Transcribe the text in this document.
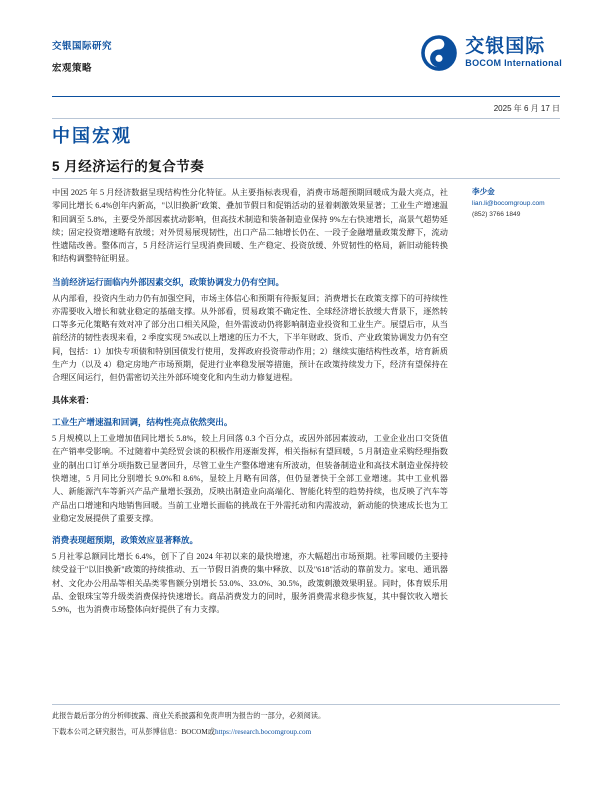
交银国际研究
宏观策略
交银国际
BOCOM International
2025 年 6 月 17 日
中国宏观
5 月经济运行的复合节奏

中国 2025 年 5 月经济数据呈现结构性分化特征。从主要指标表现看，消费市场超预期回暖成为最大亮点，社零同比增长 6.4%创年内新高，"以旧换新"政策、叠加节假日和促销活动的显着刺激效果显著；工业生产增速温和回调至 5.8%，主要受外部因素扰动影响，但高技术制造和装备制造业保持 9%左右快速增长，高景气超势延续；固定投资增速略有放缓；对外贸易展现韧性，出口产品二轴增长仍在、一段子金融增量政策发酵下，流动性遗陆改善。整体而言，5 月经济运行呈现消费回暖、生产稳定、投资放缓、外贸韧性的格局，新旧动能转换和结构调整特征明显。

当前经济运行面临内外部因素交织，政策协调发力仍有空间。
从内部看，投资内生动力仍有加强空间，市场主体信心和预期有待振复回；消费增长在政策支撑下的可持续性亦需要收入增长和就业稳定的基础支撑。从外部看，贸易政策不确定性、全球经济增长放缓大背景下，逐然转口等多元化策略有效对冲了部分出口相关风险，但外需波动仍将影响制造业投资和工业生产。展望后市，从当前经济的韧性表现来看，2 季度实现 5%或以上增速的压力不大，下半年财政、货币、产业政策协调发力仍有空间，包括：1）加快专项债和特别国债发行使用，发挥政府投资带动作用；2）继续实施结构性改革，培育新质生产力（以及 4）稳定房地产市场预期，促进行业率稳发展等措施，预计在政策持续发力下，经济有望保持在合理区间运行，但仍需密切关注外部环境变化和内生动力修复进程。
具体来看：
工业生产增速温和回调，结构性亮点依然突出。
5 月规模以上工业增加值同比增长 5.8%，较上月回落 0.3 个百分点，或因外部因素波动，工业企业出口交货值在产销率受影响。不过随着中美经贸会谈的积极作用逐渐发挥，相关指标有望回暖，5 月制造业采购经理指数业的制出口订单分项指数已显著回升，尽管工业生产整体增速有所波动，但装备制造业和高技术制造业保持较快增速，5 月同比分别增长 9.0%和 8.6%，显较上月略有回落，但仍显著快于全部工业增速。其中工业机器人、新能源汽车等新兴产品产量增长强劲，反映出制造业向高端化、智能化转型的趋势持续，也反映了汽车等产品出口增速和内地销售回暖。当前工业增长面临的挑战在于外需托动和内需波动，新动能的快速成长也为工业稳定发展提供了重要支撑。
消费表现超预期，政策效应显著释放。
5 月社零总额同比增长 6.4%，创下了自 2024 年初以来的最快增速，亦大幅超出市场预期。社零回暖仍主要持续受益于"以旧换新"政策的持续推动、五一节假日消费的集中释放、以及"618"活动的靠前发力。家电、通讯器材、文化办公用品等相关品类零售额分别增长 53.0%、33.0%、30.5%，政策刺激效果明显。同时，体育娱乐用品、金银珠宝等升级类消费保持快速增长。商品消费发力的同时，服务消费需求稳步恢复，其中餐饮收入增长 5.9%，也为消费市场整体向好提供了有力支撑。
李少金
lian.li@bocomgroup.com
(852) 3766 1849
此报告最后部分的分析师披露、商业关系披露和免责声明为报告的一部分，必须阅读。
下载本公司之研究报告，可从彭博信息：BOCOM或https://research.bocomgroup.com
